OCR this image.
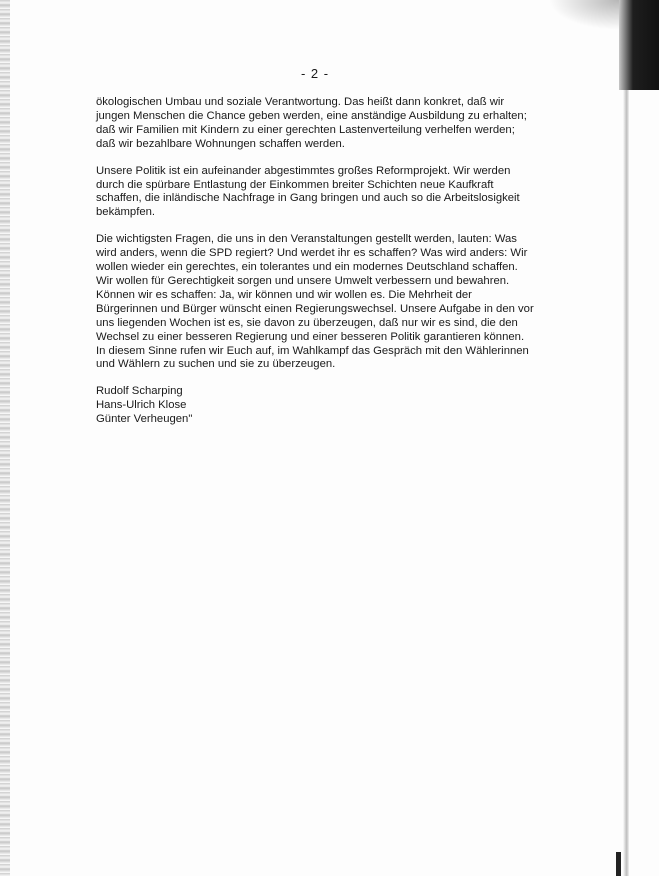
- 2 -

ökologischen Umbau und soziale Verantwortung. Das heißt dann konkret, daß wir jungen Menschen die Chance geben werden, eine anständige Ausbildung zu erhalten; daß wir Familien mit Kindern zu einer gerechten Lastenverteilung verhelfen werden; daß wir bezahlbare Wohnungen schaffen werden.

Unsere Politik ist ein aufeinander abgestimmtes großes Reformprojekt. Wir werden durch die spürbare Entlastung der Einkommen breiter Schichten neue Kaufkraft schaffen, die inländische Nachfrage in Gang bringen und auch so die Arbeitslosigkeit bekämpfen.

Die wichtigsten Fragen, die uns in den Veranstaltungen gestellt werden, lauten: Was wird anders, wenn die SPD regiert? Und werdet ihr es schaffen? Was wird anders: Wir wollen wieder ein gerechtes, ein tolerantes und ein modernes Deutschland schaffen. Wir wollen für Gerechtigkeit sorgen und unsere Umwelt verbessern und bewahren. Können wir es schaffen: Ja, wir können und wir wollen es. Die Mehrheit der Bürgerinnen und Bürger wünscht einen Regierungswechsel. Unsere Aufgabe in den vor uns liegenden Wochen ist es, sie davon zu überzeugen, daß nur wir es sind, die den Wechsel zu einer besseren Regierung und einer besseren Politik garantieren können. In diesem Sinne rufen wir Euch auf, im Wahlkampf das Gespräch mit den Wählerinnen und Wählern zu suchen und sie zu überzeugen.

Rudolf Scharping

Hans-Ulrich Klose

Günter Verheugen"
